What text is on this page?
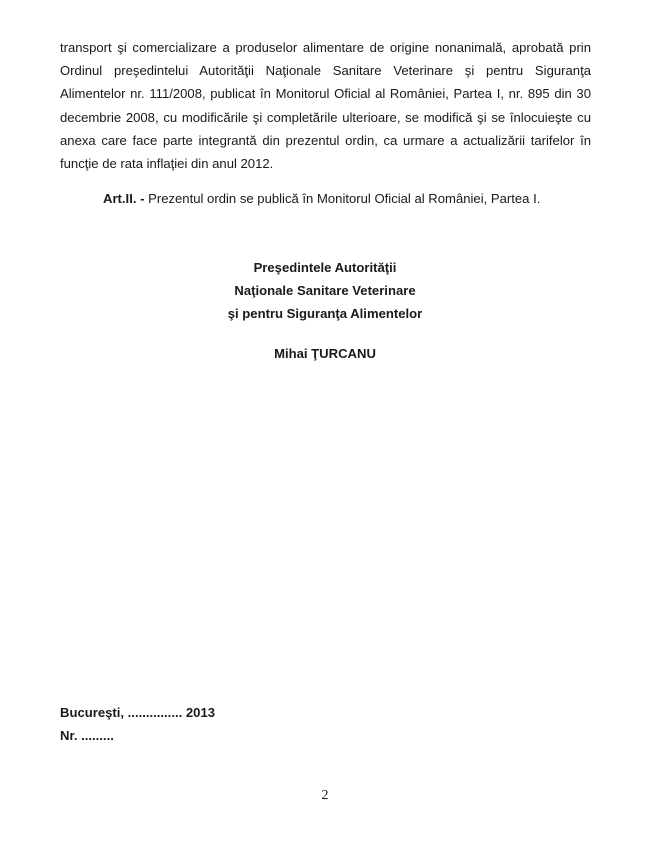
transport şi comercializare a produselor alimentare de origine nonanimală, aprobată prin Ordinul preşedintelui Autorităţii Naţionale Sanitare Veterinare şi pentru Siguranţa Alimentelor nr. 111/2008, publicat în Monitorul Oficial al României, Partea I, nr. 895 din 30 decembrie 2008, cu modificările şi completările ulterioare, se modifică şi se înlocuieşte cu anexa care face parte integrantă din prezentul ordin, ca urmare a actualizării tarifelor în funcţie de rata inflaţiei din anul 2012.

Art.II. - Prezentul ordin se publică în Monitorul Oficial al României, Partea I.

Preşedintele Autorităţii
Naţionale Sanitare Veterinare
şi pentru Siguranţa Alimentelor
Mihai ŢURCANU
Bucureşti, ............... 2013
Nr. .........
2
